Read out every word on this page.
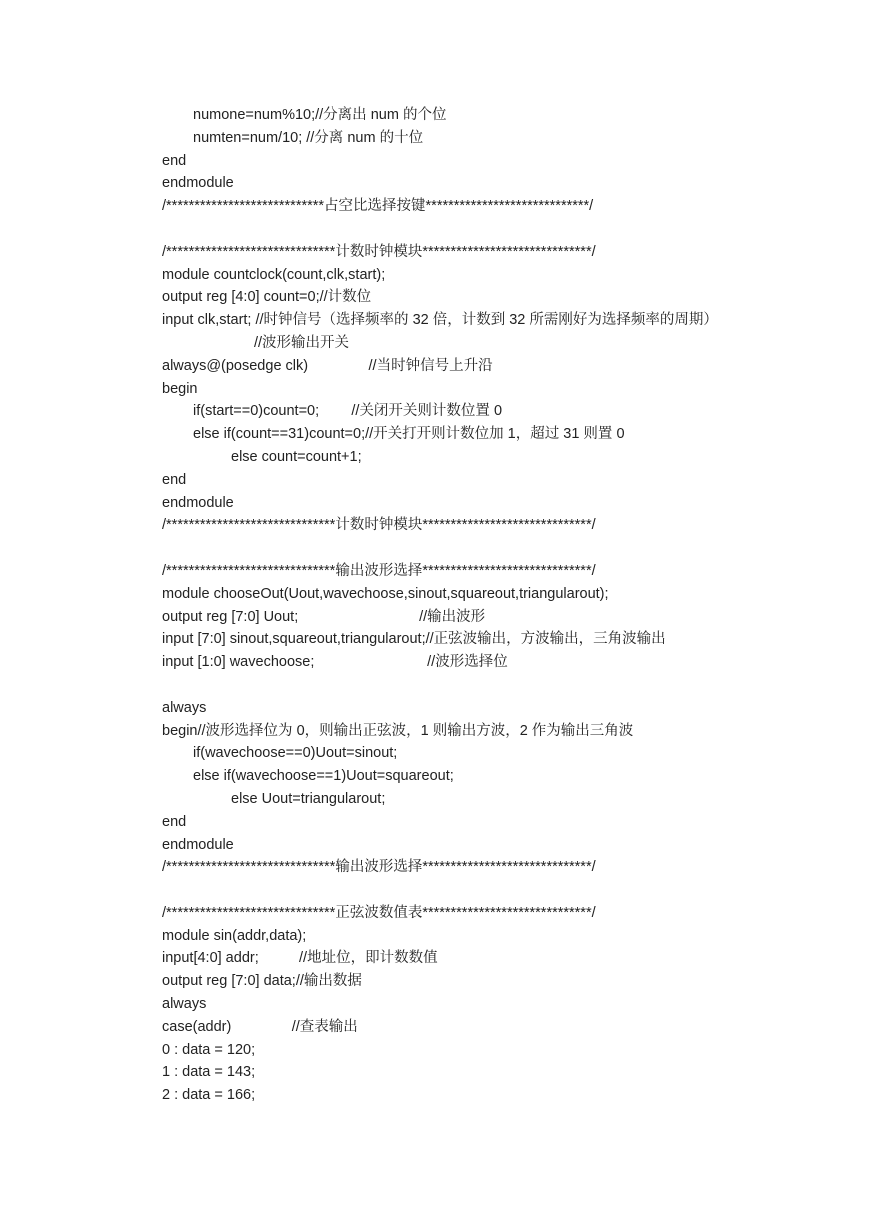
numone=num%10;//分离出 num 的个位
numten=num/10; //分离 num 的十位
end
endmodule
/****************************占空比选择按键*****************************/
/******************************计数时钟模块******************************/
module countclock(count,clk,start);
output reg [4:0] count=0;//计数位
input clk,start; //时钟信号（选择频率的 32 倍，计数到 32 所需刚好为选择频率的周期）
//波形输出开关
always@(posedge clk)               //当时钟信号上升沿
begin
if(start==0)count=0;        //关闭开关则计数位置 0
else if(count==31)count=0;//开关打开则计数位加 1，超过 31 则置 0
else count=count+1;
end
endmodule
/******************************计数时钟模块******************************/
/******************************输出波形选择******************************/
module chooseOut(Uout,wavechoose,sinout,squareout,triangularout);
output reg [7:0] Uout;                              //输出波形
input [7:0] sinout,squareout,triangularout;//正弦波输出，方波输出，三角波输出
input [1:0] wavechoose;                            //波形选择位
always
begin//波形选择位为 0，则输出正弦波，1 则输出方波，2 作为输出三角波
if(wavechoose==0)Uout=sinout;
else if(wavechoose==1)Uout=squareout;
else Uout=triangularout;
end
endmodule
/******************************输出波形选择******************************/
/******************************正弦波数值表******************************/
module sin(addr,data);
input[4:0] addr;          //地址位，即计数数值
output reg [7:0] data;//输出数据
always
case(addr)               //查表输出
0 : data = 120;
1 : data = 143;
2 : data = 166;
